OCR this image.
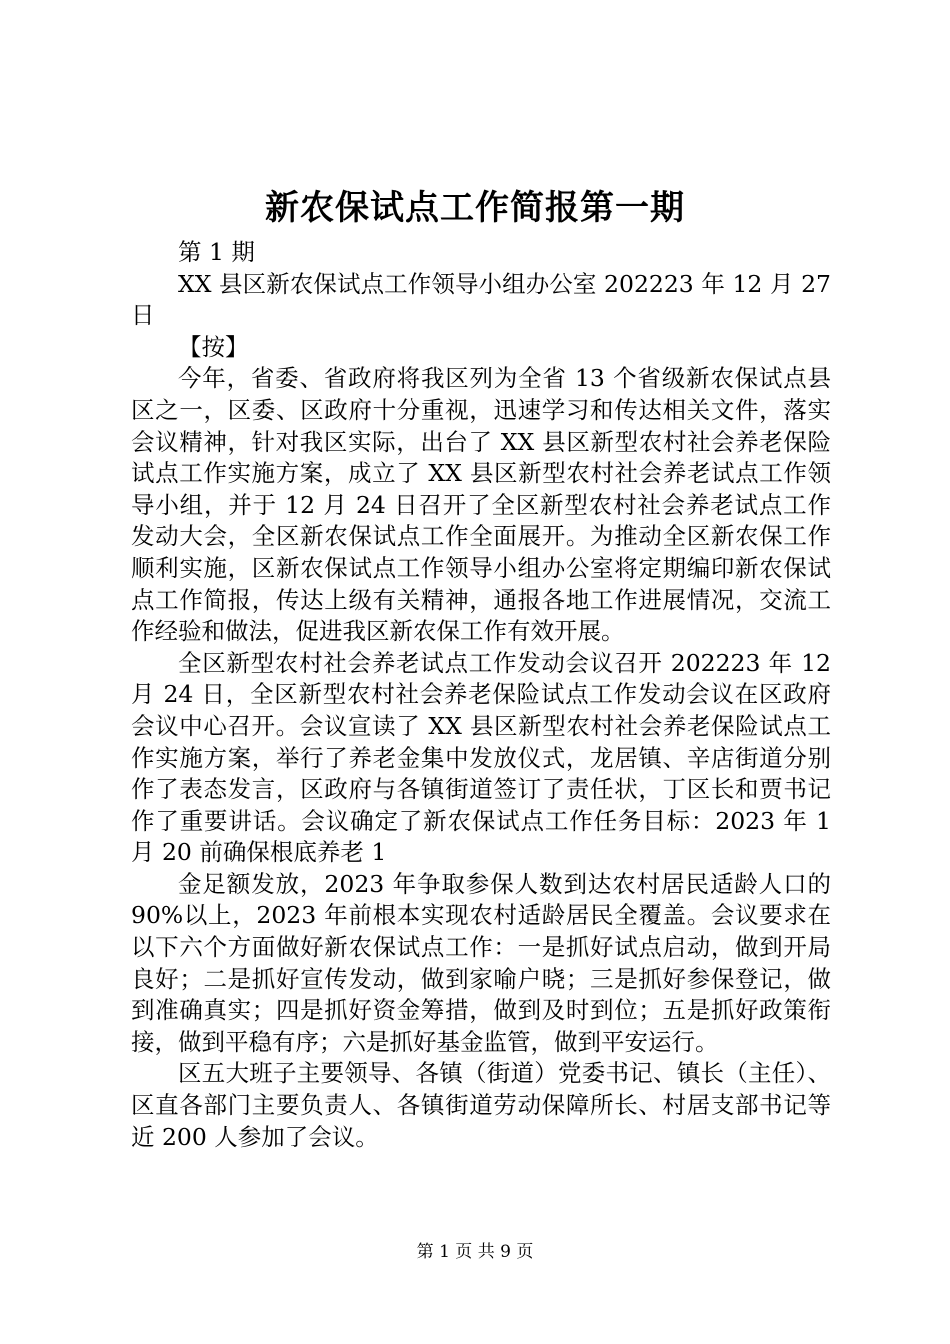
新农保试点工作简报第一期

第 1 期

XX 县区新农保试点工作领导小组办公室 202223 年 12 月 27 日

【按】

今年，省委、省政府将我区列为全省 13 个省级新农保试点县区之一，区委、区政府十分重视，迅速学习和传达相关文件，落实会议精神，针对我区实际，出台了 XX 县区新型农村社会养老保险试点工作实施方案，成立了 XX 县区新型农村社会养老试点工作领导小组，并于 12 月 24 日召开了全区新型农村社会养老试点工作发动大会，全区新农保试点工作全面展开。为推动全区新农保工作顺利实施，区新农保试点工作领导小组办公室将定期编印新农保试点工作简报，传达上级有关精神，通报各地工作进展情况，交流工作经验和做法，促进我区新农保工作有效开展。

全区新型农村社会养老试点工作发动会议召开 202223 年 12 月 24 日，全区新型农村社会养老保险试点工作发动会议在区政府会议中心召开。会议宣读了 XX 县区新型农村社会养老保险试点工作实施方案，举行了养老金集中发放仪式，龙居镇、辛店街道分别作了表态发言，区政府与各镇街道签订了责任状，丁区长和贾书记作了重要讲话。会议确定了新农保试点工作任务目标：2023 年 1 月 20 前确保根底养老 1

金足额发放，2023 年争取参保人数到达农村居民适龄人口的 90%以上，2023 年前根本实现农村适龄居民全覆盖。会议要求在以下六个方面做好新农保试点工作：一是抓好试点启动，做到开局良好；二是抓好宣传发动，做到家喻户晓；三是抓好参保登记，做到准确真实；四是抓好资金筹措，做到及时到位；五是抓好政策衔接，做到平稳有序；六是抓好基金监管，做到平安运行。

区五大班子主要领导、各镇（街道）党委书记、镇长（主任）、区直各部门主要负责人、各镇街道劳动保障所长、村居支部书记等近 200 人参加了会议。

第 1 页 共 9 页
